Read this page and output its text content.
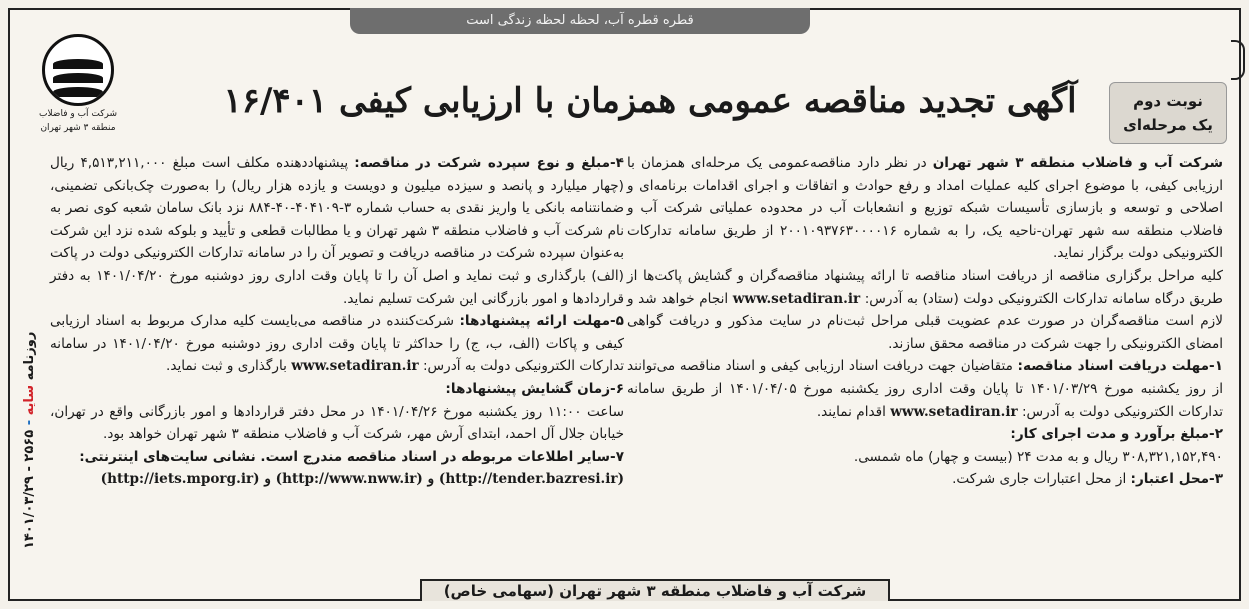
قطره قطره آب، لحظه لحظه زندگی است
شرکت آب و فاضلاب
منطقه ۳ شهر تهران
آگهی تجدید مناقصه عمومی همزمان با ارزیابی کیفی ۱۶/۴۰۱	نوبت دوم
یک مرحله‌ای

شرکت آب و فاضلاب منطقه ۳ شهر تهران در نظر دارد مناقصه‌عمومی یک مرحله‌ای همزمان با ارزیابی کیفی، با موضوع اجرای کلیه عملیات امداد و رفع حوادث و اتفاقات و اجرای اقدامات برنامه‌ای و اصلاحی و توسعه و بازسازی تأسیسات شبکه توزیع و انشعابات آب در محدوده عملیاتی شرکت آب و فاضلاب منطقه سه شهر تهران-ناحیه یک، را به شماره ۲۰۰۱۰۹۳۷۶۳۰۰۰۰۱۶ از طریق سامانه تدارکات الکترونیکی دولت برگزار نماید.

کلیه مراحل برگزاری مناقصه از دریافت اسناد مناقصه تا ارائه پیشنهاد مناقصه‌گران و گشایش پاکت‌ها از طریق درگاه سامانه تدارکات الکترونیکی دولت (ستاد) به آدرس: www.setadiran.ir انجام خواهد شد و لازم است مناقصه‌گران در صورت عدم عضویت قبلی مراحل ثبت‌نام در سایت مذکور و دریافت گواهی امضای الکترونیکی را جهت شرکت در مناقصه محقق سازند.

۱-مهلت دریافت اسناد مناقصه: متقاضیان جهت دریافت اسناد ارزیابی کیفی و اسناد مناقصه می‌توانند از روز یکشنبه مورخ ۱۴۰۱/۰۳/۲۹ تا پایان وقت اداری روز یکشنبه مورخ ۱۴۰۱/۰۴/۰۵ از طریق سامانه تدارکات الکترونیکی دولت به آدرس: www.setadiran.ir اقدام نمایند.

۲-مبلغ برآورد و مدت اجرای کار:

۳۰۸,۳۲۱,۱۵۲,۴۹۰ ریال و به مدت ۲۴ (بیست و چهار) ماه شمسی.

۳-محل اعتبار: از محل اعتبارات جاری شرکت.

۴-مبلغ و نوع سپرده شرکت در مناقصه: پیشنهاددهنده مکلف است مبلغ ۴,۵۱۳,۲۱۱,۰۰۰ ریال (چهار میلیارد و پانصد و سیزده میلیون و دویست و یازده هزار ریال) را به‌صورت چک‌بانکی تضمینی، ضمانتنامه بانکی یا واریز نقدی به حساب شماره ۳-۴۰۴۱۰۹-۴۰-۸۸۴ نزد بانک سامان شعبه کوی نصر به نام شرکت آب و فاضلاب منطقه ۳ شهر تهران و یا مطالبات قطعی و تأیید و بلوکه شده نزد این شرکت به‌عنوان سپرده شرکت در مناقصه دریافت و تصویر آن را در سامانه تدارکات الکترونیکی دولت در پاکت (الف) بارگذاری و ثبت نماید و اصل آن را تا پایان وقت اداری روز دوشنبه مورخ ۱۴۰۱/۰۴/۲۰ به دفتر قراردادها و امور بازرگانی این شرکت تسلیم نماید.

۵-مهلت ارائه پیشنهادها: شرکت‌کننده در مناقصه می‌بایست کلیه مدارک مربوط به اسناد ارزیابی کیفی و پاکات (الف، ب، ج) را حداکثر تا پایان وقت اداری روز دوشنبه مورخ ۱۴۰۱/۰۴/۲۰ در سامانه تدارکات الکترونیکی دولت به آدرس: www.setadiran.ir بارگذاری و ثبت نماید.

۶-زمان گشایش پیشنهادها:

ساعت ۱۱:۰۰ روز یکشنبه مورخ ۱۴۰۱/۰۴/۲۶ در محل دفتر قراردادها و امور بازرگانی واقع در تهران، خیابان جلال آل احمد، ابتدای آرش مهر، شرکت آب و فاضلاب منطقه ۳ شهر تهران خواهد بود.

۷-سایر اطلاعات مربوطه در اسناد مناقصه مندرج است. نشانی سایت‌های اینترنتی:

(http://tender.bazresi.ir) و (http://www.nww.ir) و (http://iets.mporg.ir)

روزنامه سایه - ۲۵۶۵ - ۱۴۰۱/۰۳/۲۹
شرکت آب و فاضلاب منطقه ۳ شهر تهران (سهامی خاص)
